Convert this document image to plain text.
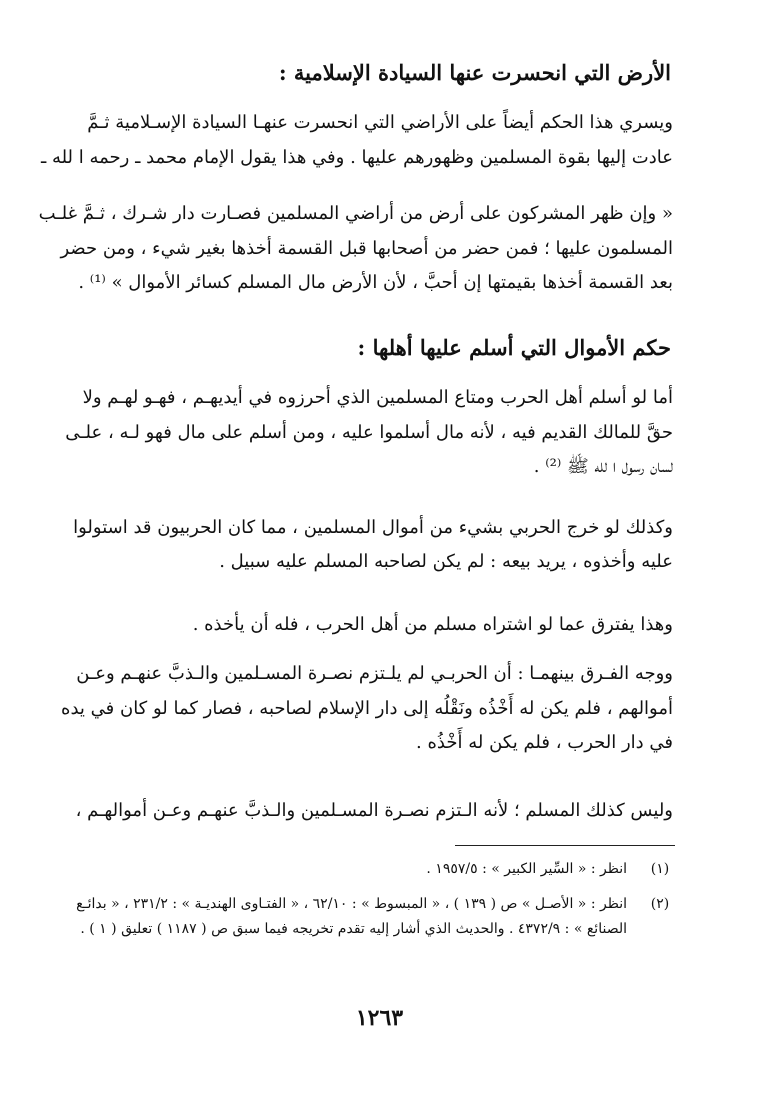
الأرض التي انحسرت عنها السيادة الإسلامية :
ويسري هذا الحكم أيضاً على الأراضي التي انحسرت عنهـا السيادة الإسـلامية ثـمَّ
عادت إليها بقوة المسلمين وظهورهم عليها . وفي هذا يقول الإمام محمد ـ رحمه ا لله ـ
« وإن ظهر المشركون على أرض من أراضي المسلمين فصـارت دار شـرك ، ثـمَّ غلـب
المسلمون عليها ؛ فمن حضر من أصحابها قبل القسمة أخذها بغير شيء ، ومن حضر
بعد القسمة أخذها بقيمتها إن أحبَّ ، لأن الأرض مال المسلم كسائر الأموال » ⁽¹⁾ .
حكم الأموال التي أسلم عليها أهلها :
أما لو أسلم أهل الحرب ومتاع المسلمين الذي أحرزوه في أيديهـم ، فهـو لهـم ولا
حقَّ للمالك القديم فيه ، لأنه مال أسلموا عليه ، ومن أسلم على مال فهو لـه ، علـى
لسان رسول ا لله ﷺ ⁽²⁾ .
وكذلك لو خرج الحربي بشيء من أموال المسلمين ، مما كان الحربيون قد استولوا
عليه وأخذوه ، يريد بيعه : لم يكن لصاحبه المسلم عليه سبيل .
وهذا يفترق عما لو اشتراه مسلم من أهل الحرب ، فله أن يأخذه .
ووجه الفـرق بينهمـا : أن الحربـي لم يلـتزم نصـرة المسـلمين والـذبَّ عنهـم وعـن
أموالهم ، فلم يكن له أَخْذُه ونَقْلُه إلى دار الإسلام لصاحبه ، فصار كما لو كان في يده
في دار الحرب ، فلم يكن له أَخْذُه .
وليس كذلك المسلم ؛ لأنه الـتزم نصـرة المسـلمين والـذبَّ عنهـم وعـن أموالهـم ،
(١)
انظر : « السِّير الكبير » : ١٩٥٧/٥ .
(٢)
انظر : « الأصـل » ص ( ١٣٩ ) ، « المبسوط » : ٦٢/١٠ ، « الفتـاوى الهنديـة » : ٢٣١/٢ ، « بدائـع
الصنائع » : ٤٣٧٢/٩ . والحديث الذي أشار إليه تقدم تخريجه فيما سبق ص ( ١١٨٧ ) تعليق ( ١ ) .
١٢٦٣
